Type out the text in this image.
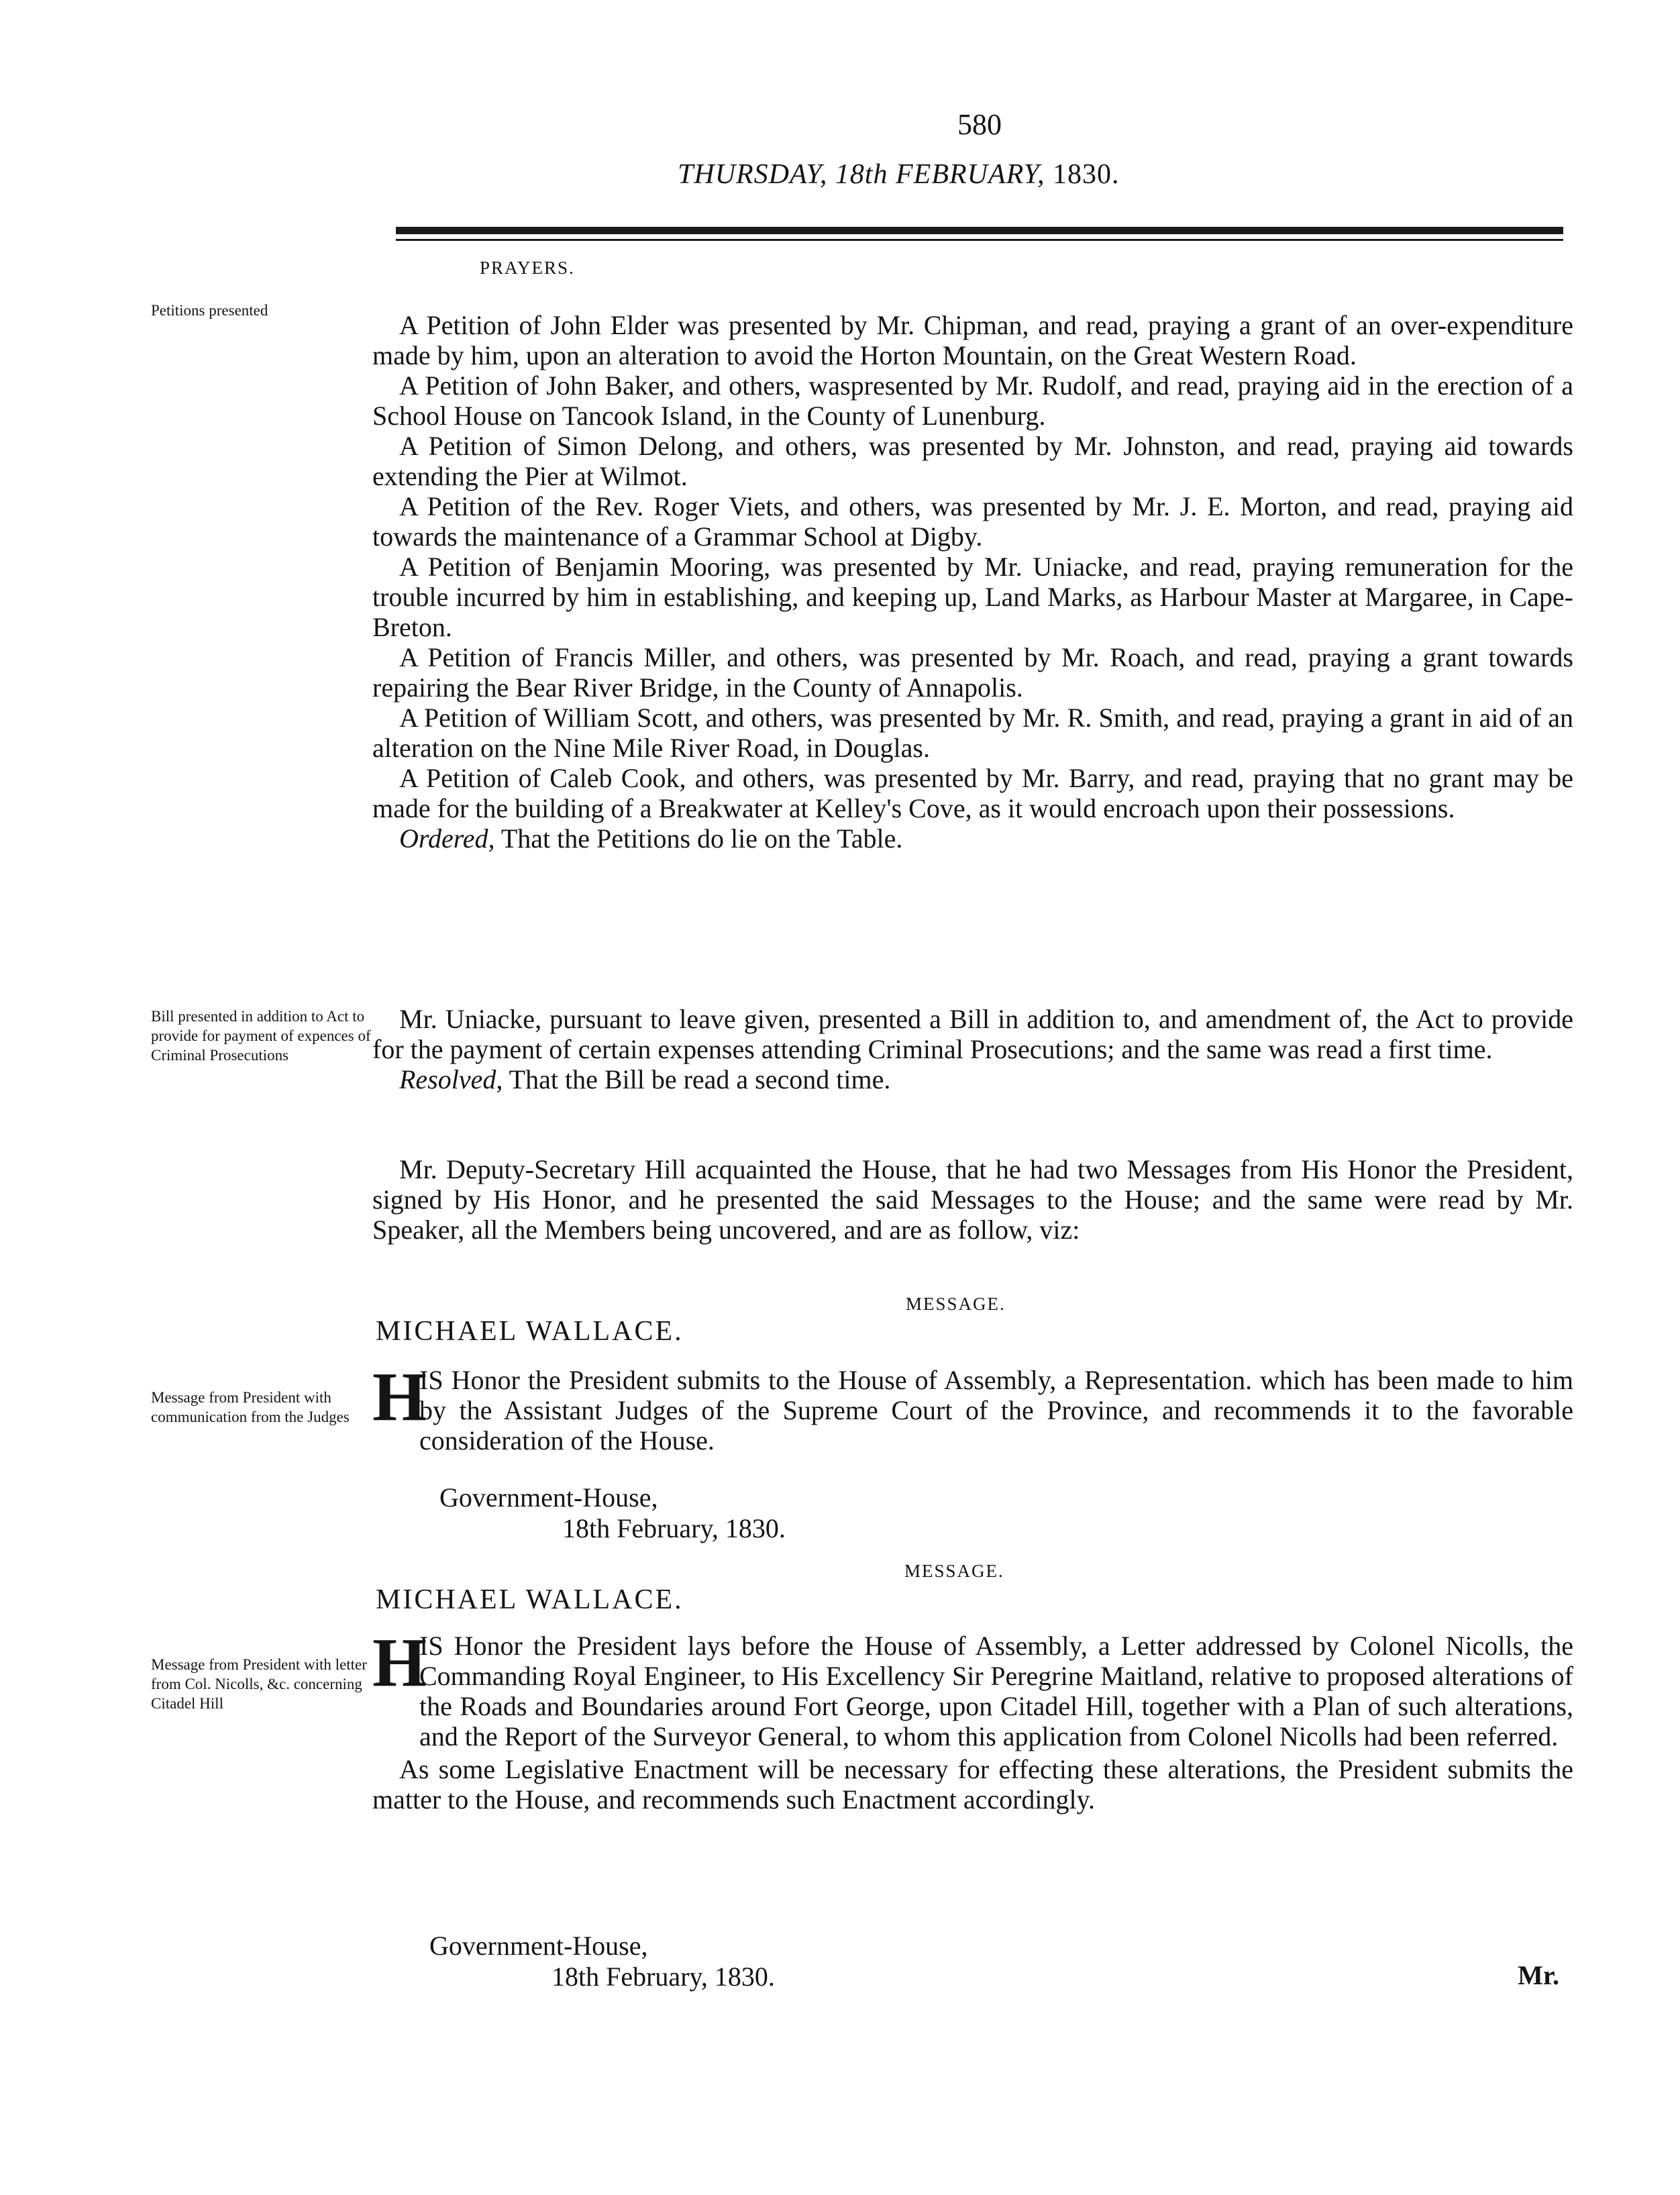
580
THURSDAY, 18th FEBRUARY, 1830.
PRAYERS.
Petitions presented
Bill presented in addition to Act to provide for payment of expences of Criminal Prosecutions
Message from President with communication from the Judges
Message from President with letter from Col. Nicolls, &c. concerning Citadel Hill

A Petition of John Elder was presented by Mr. Chipman, and read, praying a grant of an over-expenditure made by him, upon an alteration to avoid the Horton Mountain, on the Great Western Road.

A Petition of John Baker, and others, waspresented by Mr. Rudolf, and read, praying aid in the erection of a School House on Tancook Island, in the County of Lunenburg.

A Petition of Simon Delong, and others, was presented by Mr. Johnston, and read, praying aid towards extending the Pier at Wilmot.

A Petition of the Rev. Roger Viets, and others, was presented by Mr. J. E. Morton, and read, praying aid towards the maintenance of a Grammar School at Digby.

A Petition of Benjamin Mooring, was presented by Mr. Uniacke, and read, praying remuneration for the trouble incurred by him in establishing, and keeping up, Land Marks, as Harbour Master at Margaree, in Cape-Breton.

A Petition of Francis Miller, and others, was presented by Mr. Roach, and read, praying a grant towards repairing the Bear River Bridge, in the County of Annapolis.

A Petition of William Scott, and others, was presented by Mr. R. Smith, and read, praying a grant in aid of an alteration on the Nine Mile River Road, in Douglas.

A Petition of Caleb Cook, and others, was presented by Mr. Barry, and read, praying that no grant may be made for the building of a Breakwater at Kelley's Cove, as it would encroach upon their possessions.

Ordered, That the Petitions do lie on the Table.

Mr. Uniacke, pursuant to leave given, presented a Bill in addition to, and amendment of, the Act to provide for the payment of certain expenses attending Criminal Prosecutions; and the same was read a first time.

Resolved, That the Bill be read a second time.

Mr. Deputy-Secretary Hill acquainted the House, that he had two Messages from His Honor the President, signed by His Honor, and he presented the said Messages to the House; and the same were read by Mr. Speaker, all the Members being uncovered, and are as follow, viz:

MESSAGE.
MICHAEL WALLACE.
H
IS Honor the President submits to the House of Assembly, a Representation. which has been made to him by the Assistant Judges of the Supreme Court of the Province, and recommends it to the favorable consideration of the House.
Government-House,
18th February, 1830.
MESSAGE.
MICHAEL WALLACE.
H
IS Honor the President lays before the House of Assembly, a Letter addressed by Colonel Nicolls, the Commanding Royal Engineer, to His Excellency Sir Peregrine Maitland, relative to proposed alterations of the Roads and Boundaries around Fort George, upon Citadel Hill, together with a Plan of such alterations, and the Report of the Surveyor General, to whom this application from Colonel Nicolls had been referred.

As some Legislative Enactment will be necessary for effecting these alterations, the President submits the matter to the House, and recommends such Enactment accordingly.

Government-House,
18th February, 1830.	Mr.
